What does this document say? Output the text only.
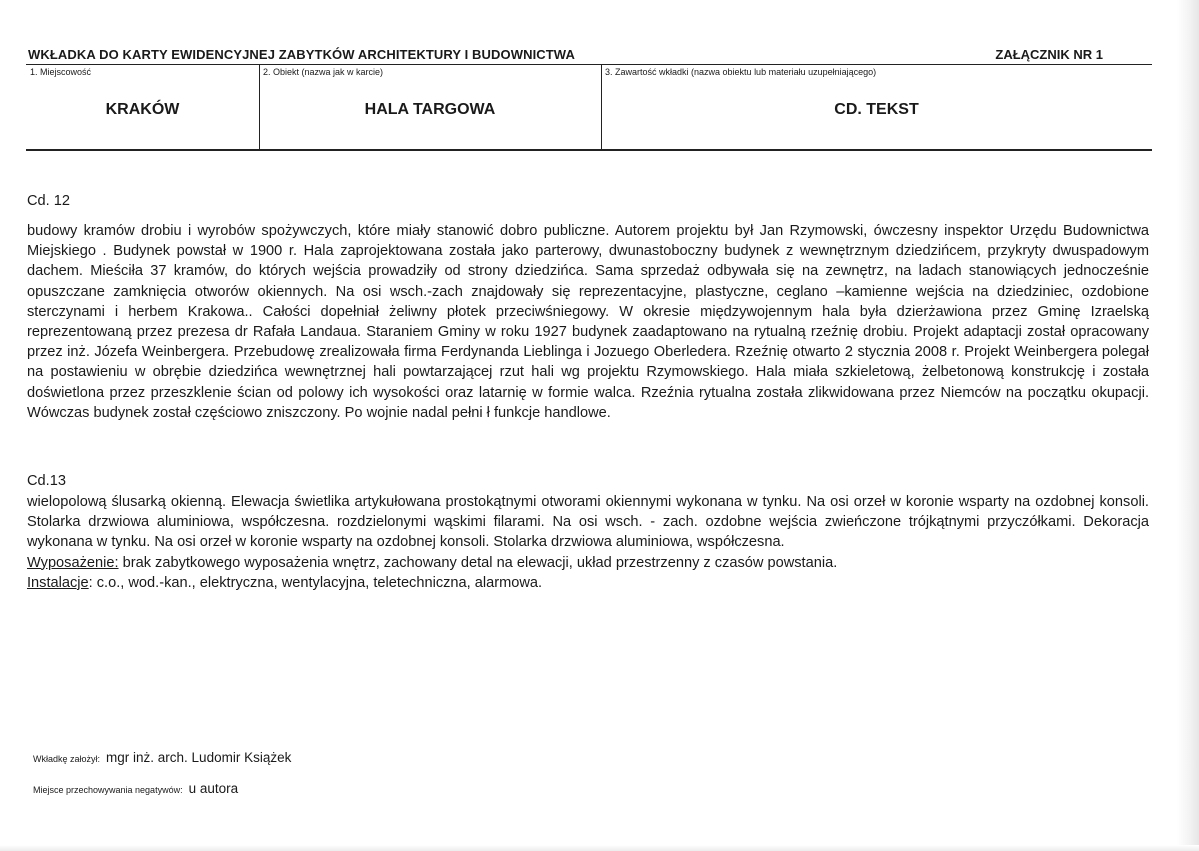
WKŁADKA DO KARTY EWIDENCYJNEJ ZABYTKÓW ARCHITEKTURY I BUDOWNICTWA	ZAŁĄCZNIK NR 1
1. Miejscowość	2. Obiekt (nazwa jak w karcie)	3. Zawartość wkładki (nazwa obiektu lub materiału uzupełniającego)
KRAKÓW	HALA TARGOWA	CD. TEKST
Cd. 12

budowy kramów drobiu i wyrobów spożywczych, które miały stanowić dobro publiczne. Autorem projektu był Jan Rzymowski, ówczesny inspektor Urzędu Budownictwa Miejskiego . Budynek powstał w 1900 r. Hala zaprojektowana została jako parterowy, dwunastoboczny budynek z wewnętrznym dziedzińcem, przykryty dwuspadowym dachem. Mieściła 37 kramów, do których wejścia prowadziły od strony dziedzińca. Sama sprzedaż odbywała się na zewnętrz, na ladach stanowiących jednocześnie opuszczane zamknięcia otworów okiennych. Na osi wsch.-zach znajdowały się reprezentacyjne, plastyczne, ceglano –kamienne wejścia na dziedziniec, ozdobione sterczynami i herbem Krakowa.. Całości dopełniał żeliwny płotek przeciwśniegowy. W okresie międzywojennym hala była dzierżawiona przez Gminę Izraelską reprezentowaną przez prezesa dr Rafała Landaua. Staraniem Gminy w roku 1927 budynek zaadaptowano na rytualną rzeźnię drobiu. Projekt adaptacji został opracowany przez inż. Józefa Weinbergera. Przebudowę zrealizowała firma Ferdynanda Lieblinga i Jozuego Oberledera. Rzeźnię otwarto 2 stycznia 2008 r. Projekt Weinbergera polegał na postawieniu w obrębie dziedzińca wewnętrznej hali powtarzającej rzut hali wg projektu Rzymowskiego. Hala miała szkieletową, żelbetonową konstrukcję i została doświetlona przez przeszklenie ścian od polowy ich wysokości oraz latarnię w formie walca. Rzeźnia rytualna została zlikwidowana przez Niemców na początku okupacji. Wówczas budynek został częściowo zniszczony. Po wojnie nadal pełni ł funkcje handlowe.

Cd.13

wielopolową ślusarką okienną. Elewacja świetlika artykułowana prostokątnymi otworami okiennymi wykonana w tynku. Na osi orzeł w koronie wsparty na ozdobnej konsoli. Stolarka drzwiowa aluminiowa, współczesna. rozdzielonymi wąskimi filarami. Na osi wsch. - zach. ozdobne wejścia zwieńczone trójkątnymi przyczółkami. Dekoracja wykonana w tynku. Na osi orzeł w koronie wsparty na ozdobnej konsoli. Stolarka drzwiowa aluminiowa, współczesna.

Wyposażenie: brak zabytkowego wyposażenia wnętrz, zachowany detal na elewacji, układ przestrzenny z czasów powstania.
Instalacje: c.o., wod.-kan., elektryczna, wentylacyjna, teletechniczna, alarmowa.
Wkładkę założył: mgr inż. arch. Ludomir Książek
Miejsce przechowywania negatywów: u autora
